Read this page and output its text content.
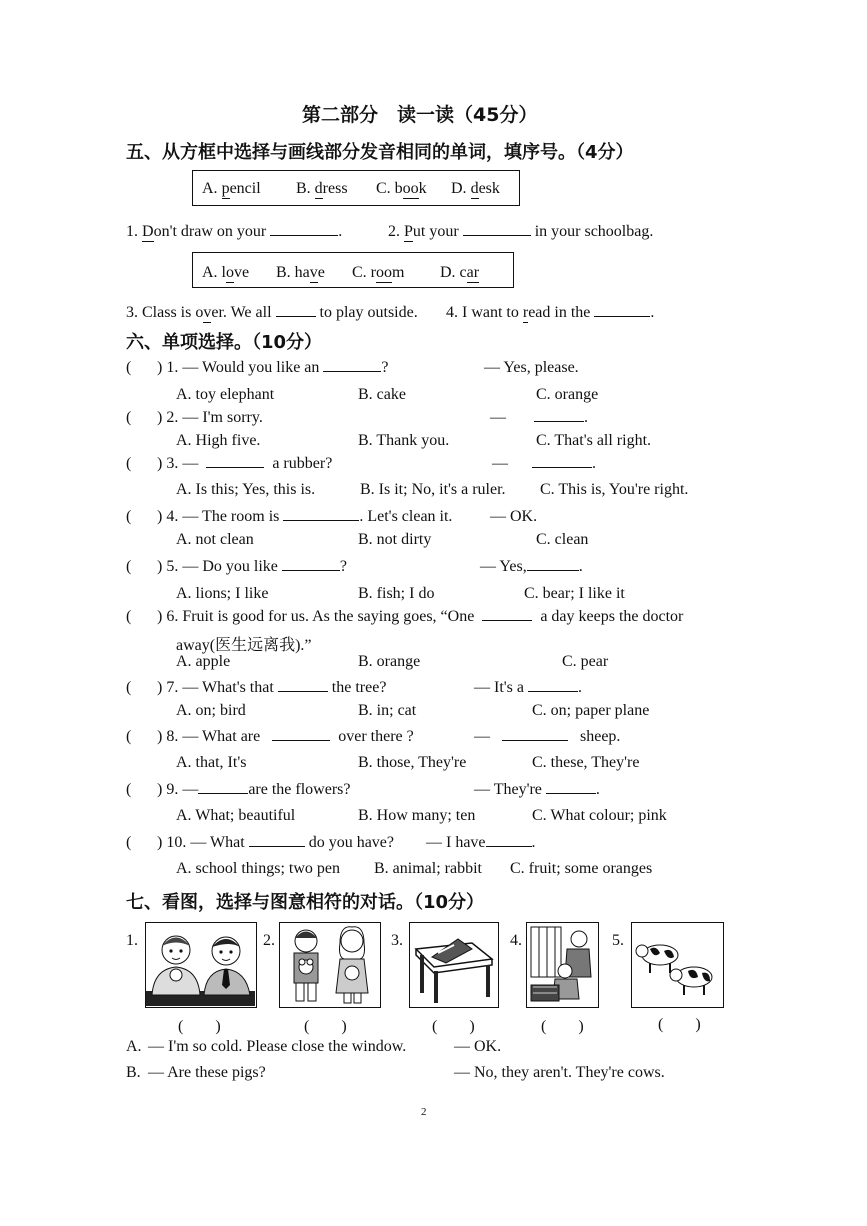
第二部分　读一读（45分）
五、从方框中选择与画线部分发音相同的单词，填序号。（4分）
A. pencil B. dress C. book D. desk
1. Don't draw on your	.	2. Put your	in your schoolbag.
A. love B. have C. room D. car
3. Class is over. We all	to play outside. 4. I want to read in the	.
六、单项选择。（10分）
( ) 1. — Would you like an	?	— Yes, please.
A. toy elephant	B. cake	C. orange
( ) 2. — I'm sorry.	—	.
A. High five.	B. Thank you.	C. That's all right.
( ) 3. —	a rubber?	—	.
A. Is this; Yes, this is.	B. Is it; No, it's a ruler. C. This is, You're right.
( ) 4. — The room is	. Let's clean it. — OK.
A. not clean	B. not dirty	C. clean
( ) 5. — Do you like	?	— Yes,	.
A. lions; I like	B. fish; I do	C. bear; I like it
( ) 6. Fruit is good for us. As the saying goes, “One	a day keeps the doctor
away(医生远离我).”
A. apple	B. orange	C. pear
( ) 7. — What's that	the tree?	— It's a	.
A. on; bird	B. in; cat	C. on; paper plane
( ) 8. — What are	over there ?	—	sheep.
A. that, It's	B. those, They're	C. these, They're
( ) 9. —	are the flowers?	— They're	.
A. What; beautiful	B. How many; ten	C. What colour; pink
( ) 10. — What	do you have? — I have	.
A. school things; two pen B. animal; rabbit C. fruit; some oranges
七、看图，选择与图意相符的对话。（10分）
1.	2.	3.	4.	5.
(　　)	(　　)	(　　)	(　　)	(　　)
A. — I'm so cold. Please close the window.	— OK.
B. — Are these pigs?	— No, they aren't. They're cows.
2
